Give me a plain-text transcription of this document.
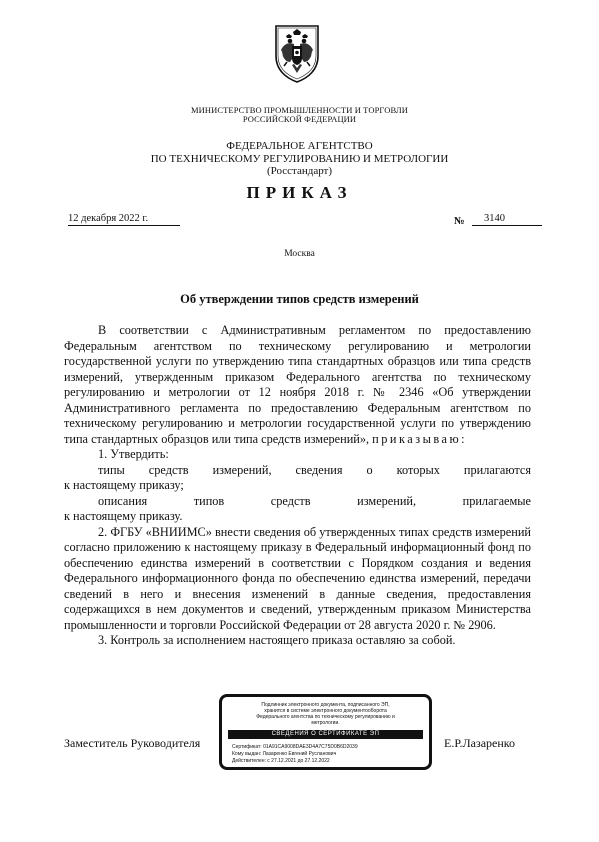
МИНИСТЕРСТВО ПРОМЫШЛЕННОСТИ И ТОРГОВЛИ
РОССИЙСКОЙ ФЕДЕРАЦИИ
ФЕДЕРАЛЬНОЕ АГЕНТСТВО
ПО ТЕХНИЧЕСКОМУ РЕГУЛИРОВАНИЮ И МЕТРОЛОГИИ
(Росстандарт)
ПРИКАЗ
12 декабря 2022 г.	№	3140
Москва
Об утверждении типов средств измерений

В соответствии с Административным регламентом по предоставлению Федеральным агентством по техническому регулированию и метрологии государственной услуги по утверждению типа стандартных образцов или типа средств измерений, утвержденным приказом Федерального агентства по техническому регулированию и метрологии от 12 ноября 2018 г. № 2346 «Об утверждении Административного регламента по предоставлению Федеральным агентством по техническому регулированию и метрологии государственной услуги по утверждению типа стандартных образцов или типа средств измерений», приказываю:

1. Утвердить:

типы средств измерений, сведения о которых прилагаются

к настоящему приказу;

описания типов средств измерений, прилагаемые

к настоящему приказу.

2. ФГБУ «ВНИИМС» внести сведения об утвержденных типах средств измерений согласно приложению к настоящему приказу в Федеральный информационный фонд по обеспечению единства измерений в соответствии с Порядком создания и ведения Федерального информационного фонда по обеспечению единства измерений, передачи сведений в него и внесения изменений в данные сведения, предоставления содержащихся в нем документов и сведений, утвержденным приказом Министерства промышленности и торговли Российской Федерации от 28 августа 2020 г. № 2906.

3. Контроль за исполнением настоящего приказа оставляю за собой.

Подлинник электронного документа, подписанного ЭП,
хранится в системе электронного документооборота
Федерального агентства по техническому регулированию и
метрологии.
СВЕДЕНИЯ О СЕРТИФИКАТЕ ЭП
Сертификат: 01A91CA9008DAE3D4A7C75D0B6D2039
Кому выдан: Лазаренко Евгений Русланович
Действителен: с 27.12.2021 до 27.12.2022
Заместитель Руководителя	Е.Р.Лазаренко
